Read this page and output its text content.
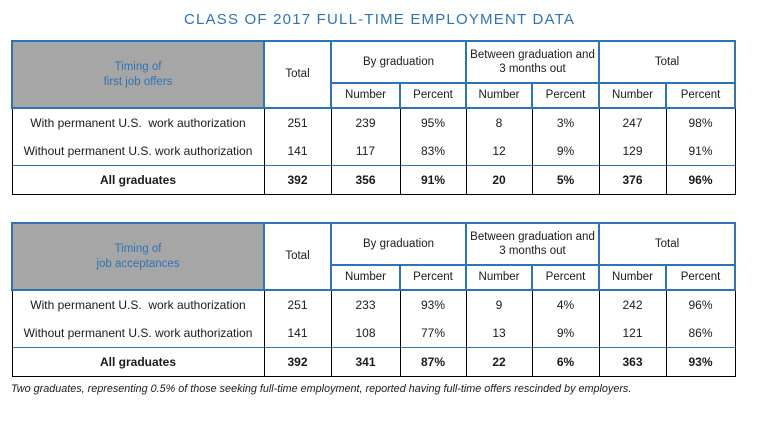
CLASS OF 2017 FULL-TIME EMPLOYMENT DATA
Timing of
first job offers	Total	By graduation		Between graduation and 3 months out		Total	
		Number	Percent	Number	Percent	Number	Percent
With permanent U.S.  work authorization	251	239	95%	8	3%	247	98%
Without permanent U.S. work authorization	141	117	83%	12	9%	129	91%
All graduates	392	356	91%	20	5%	376	96%
Timing of
job acceptances	Total	By graduation		Between graduation and 3 months out		Total	
		Number	Percent	Number	Percent	Number	Percent
With permanent U.S.  work authorization	251	233	93%	9	4%	242	96%
Without permanent U.S. work authorization	141	108	77%	13	9%	121	86%
All graduates	392	341	87%	22	6%	363	93%

Two graduates, representing 0.5% of those seeking full-time employment, reported having full-time offers rescinded by employers.
